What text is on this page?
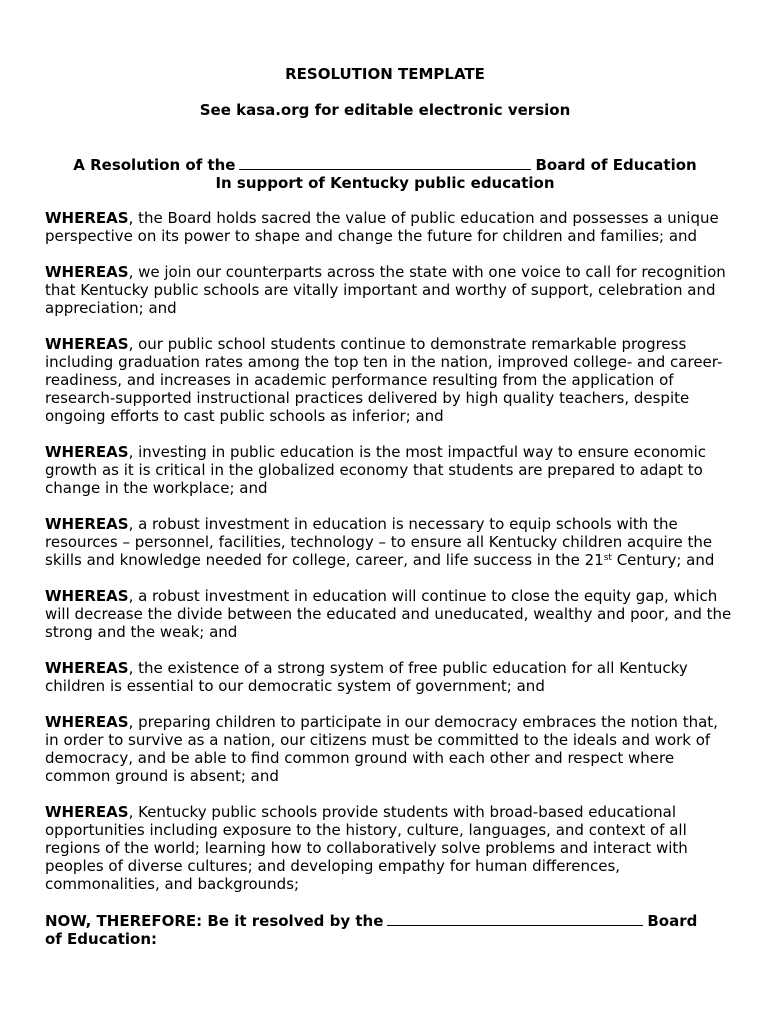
RESOLUTION TEMPLATE
See kasa.org for editable electronic version
A Resolution of the	Board of Education
In support of Kentucky public education

WHEREAS, the Board holds sacred the value of public education and possesses a unique perspective on its power to shape and change the future for children and families; and

WHEREAS, we join our counterparts across the state with one voice to call for recognition that Kentucky public schools are vitally important and worthy of support, celebration and appreciation; and

WHEREAS, our public school students continue to demonstrate remarkable progress including graduation rates among the top ten in the nation, improved college- and career-readiness, and increases in academic performance resulting from the application of research-supported instructional practices delivered by high quality teachers, despite ongoing efforts to cast public schools as inferior; and

WHEREAS, investing in public education is the most impactful way to ensure economic growth as it is critical in the globalized economy that students are prepared to adapt to change in the workplace; and

WHEREAS, a robust investment in education is necessary to equip schools with the resources – personnel, facilities, technology – to ensure all Kentucky children acquire the skills and knowledge needed for college, career, and life success in the 21st Century; and

WHEREAS, a robust investment in education will continue to close the equity gap, which will decrease the divide between the educated and uneducated, wealthy and poor, and the strong and the weak; and

WHEREAS, the existence of a strong system of free public education for all Kentucky children is essential to our democratic system of government; and

WHEREAS, preparing children to participate in our democracy embraces the notion that, in order to survive as a nation, our citizens must be committed to the ideals and work of democracy, and be able to find common ground with each other and respect where common ground is absent; and

WHEREAS, Kentucky public schools provide students with broad-based educational opportunities including exposure to the history, culture, languages, and context of all regions of the world; learning how to collaboratively solve problems and interact with peoples of diverse cultures; and developing empathy for human differences, commonalities, and backgrounds;

NOW, THEREFORE: Be it resolved by the	Board
of Education:
